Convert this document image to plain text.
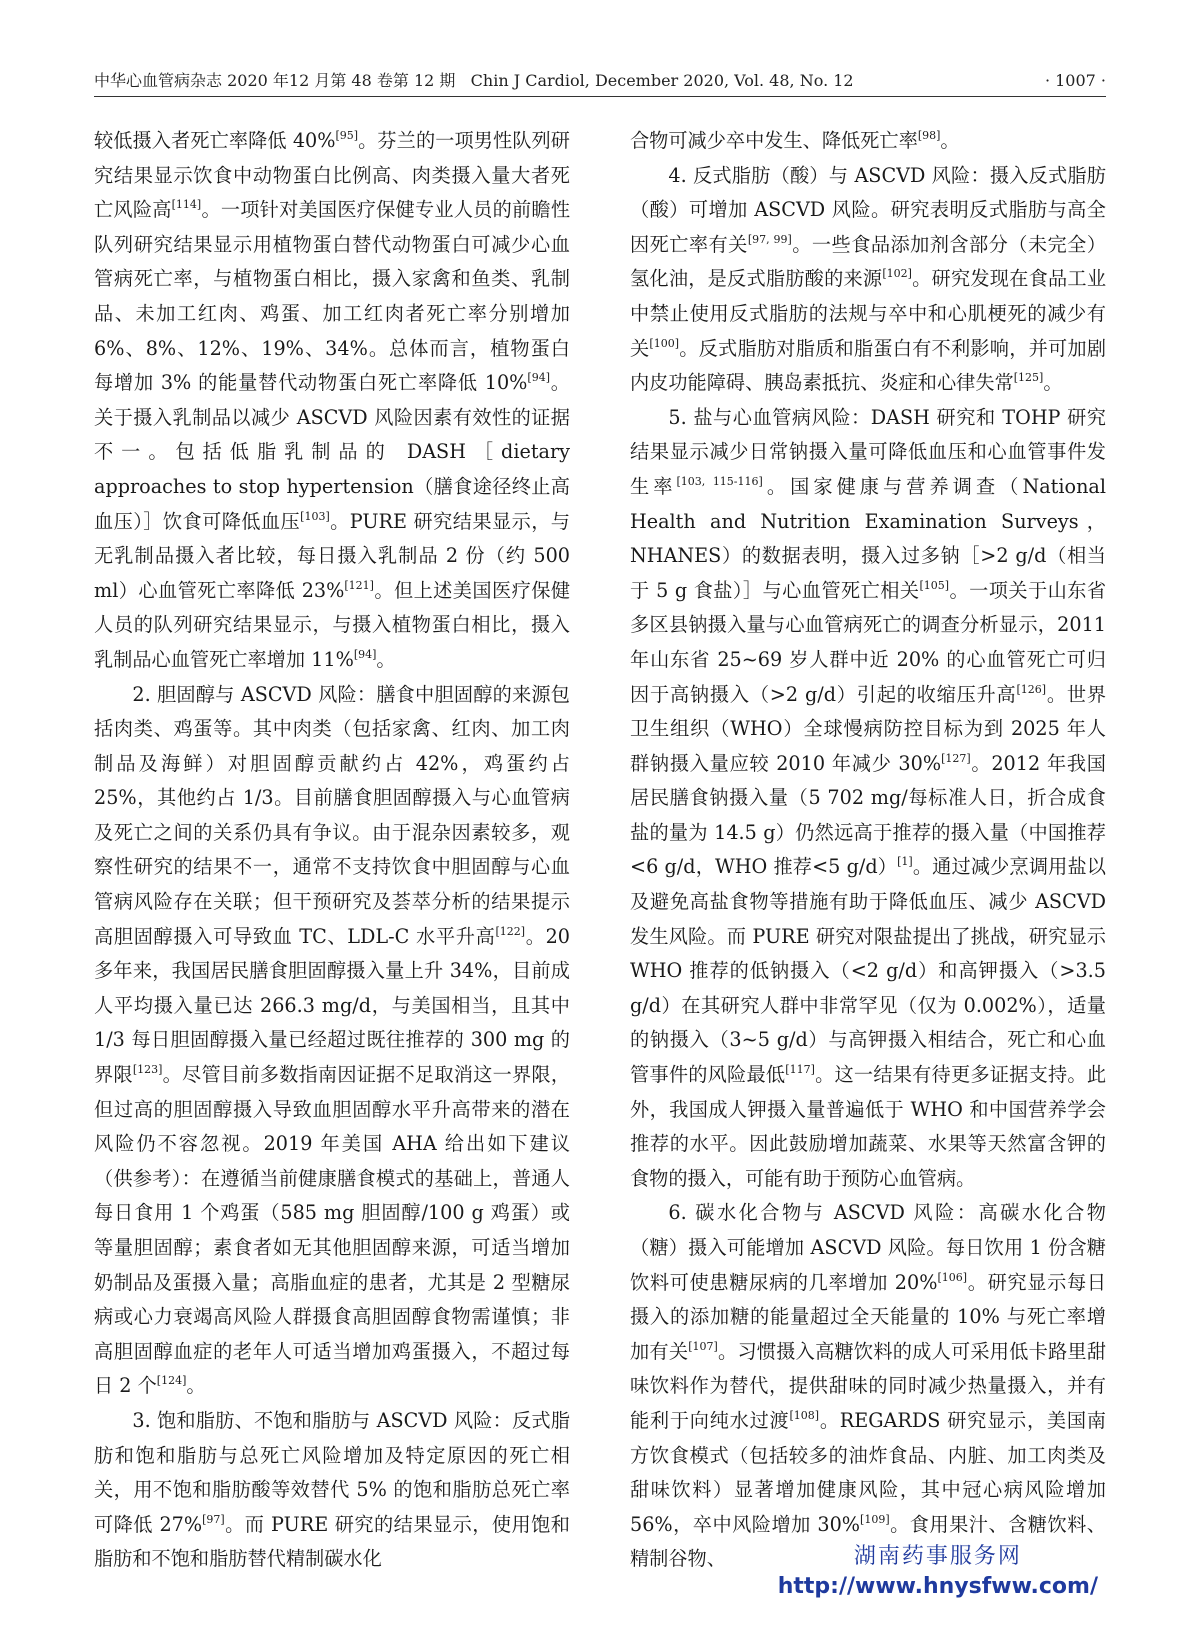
中华心血管病杂志 2020 年12 月第 48 卷第 12 期 Chin J Cardiol, December 2020, Vol. 48, No. 12	· 1007 ·

较低摄入者死亡率降低 40%[95]。芬兰的一项男性队列研究结果显示饮食中动物蛋白比例高、肉类摄入量大者死亡风险高[114]。一项针对美国医疗保健专业人员的前瞻性队列研究结果显示用植物蛋白替代动物蛋白可减少心血管病死亡率，与植物蛋白相比，摄入家禽和鱼类、乳制品、未加工红肉、鸡蛋、加工红肉者死亡率分别增加 6%、8%、12%、19%、34%。总体而言，植物蛋白每增加 3% 的能量替代动物蛋白死亡率降低 10%[94]。关于摄入乳制品以减少 ASCVD 风险因素有效性的证据不一。包括低脂乳制品的 DASH［dietary approaches to stop hypertension（膳食途径终止高血压）］饮食可降低血压[103]。PURE 研究结果显示，与无乳制品摄入者比较，每日摄入乳制品 2 份（约 500 ml）心血管死亡率降低 23%[121]。但上述美国医疗保健人员的队列研究结果显示，与摄入植物蛋白相比，摄入乳制品心血管死亡率增加 11%[94]。

2. 胆固醇与 ASCVD 风险：膳食中胆固醇的来源包括肉类、鸡蛋等。其中肉类（包括家禽、红肉、加工肉制品及海鲜）对胆固醇贡献约占 42%，鸡蛋约占 25%，其他约占 1/3。目前膳食胆固醇摄入与心血管病及死亡之间的关系仍具有争议。由于混杂因素较多，观察性研究的结果不一，通常不支持饮食中胆固醇与心血管病风险存在关联；但干预研究及荟萃分析的结果提示高胆固醇摄入可导致血 TC、LDL-C 水平升高[122]。20 多年来，我国居民膳食胆固醇摄入量上升 34%，目前成人平均摄入量已达 266.3 mg/d，与美国相当，且其中 1/3 每日胆固醇摄入量已经超过既往推荐的 300 mg 的界限[123]。尽管目前多数指南因证据不足取消这一界限，但过高的胆固醇摄入导致血胆固醇水平升高带来的潜在风险仍不容忽视。2019 年美国 AHA 给出如下建议（供参考）：在遵循当前健康膳食模式的基础上，普通人每日食用 1 个鸡蛋（585 mg 胆固醇/100 g 鸡蛋）或等量胆固醇；素食者如无其他胆固醇来源，可适当增加奶制品及蛋摄入量；高脂血症的患者，尤其是 2 型糖尿病或心力衰竭高风险人群摄食高胆固醇食物需谨慎；非高胆固醇血症的老年人可适当增加鸡蛋摄入，不超过每日 2 个[124]。

3. 饱和脂肪、不饱和脂肪与 ASCVD 风险：反式脂肪和饱和脂肪与总死亡风险增加及特定原因的死亡相关，用不饱和脂肪酸等效替代 5% 的饱和脂肪总死亡率可降低 27%[97]。而 PURE 研究的结果显示，使用饱和脂肪和不饱和脂肪替代精制碳水化

合物可减少卒中发生、降低死亡率[98]。

4. 反式脂肪（酸）与 ASCVD 风险：摄入反式脂肪（酸）可增加 ASCVD 风险。研究表明反式脂肪与高全因死亡率有关[97, 99]。一些食品添加剂含部分（未完全）氢化油，是反式脂肪酸的来源[102]。研究发现在食品工业中禁止使用反式脂肪的法规与卒中和心肌梗死的减少有关[100]。反式脂肪对脂质和脂蛋白有不利影响，并可加剧内皮功能障碍、胰岛素抵抗、炎症和心律失常[125]。

5. 盐与心血管病风险：DASH 研究和 TOHP 研究结果显示减少日常钠摄入量可降低血压和心血管事件发生率[103, 115-116]。国家健康与营养调查（National Health and Nutrition Examination Surveys，NHANES）的数据表明，摄入过多钠［>2 g/d（相当于 5 g 食盐）］与心血管死亡相关[105]。一项关于山东省多区县钠摄入量与心血管病死亡的调查分析显示，2011 年山东省 25~69 岁人群中近 20% 的心血管死亡可归因于高钠摄入（>2 g/d）引起的收缩压升高[126]。世界卫生组织（WHO）全球慢病防控目标为到 2025 年人群钠摄入量应较 2010 年减少 30%[127]。2012 年我国居民膳食钠摄入量（5 702 mg/每标准人日，折合成食盐的量为 14.5 g）仍然远高于推荐的摄入量（中国推荐<6 g/d，WHO 推荐<5 g/d）[1]。通过减少烹调用盐以及避免高盐食物等措施有助于降低血压、减少 ASCVD 发生风险。而 PURE 研究对限盐提出了挑战，研究显示 WHO 推荐的低钠摄入（<2 g/d）和高钾摄入（>3.5 g/d）在其研究人群中非常罕见（仅为 0.002%），适量的钠摄入（3~5 g/d）与高钾摄入相结合，死亡和心血管事件的风险最低[117]。这一结果有待更多证据支持。此外，我国成人钾摄入量普遍低于 WHO 和中国营养学会推荐的水平。因此鼓励增加蔬菜、水果等天然富含钾的食物的摄入，可能有助于预防心血管病。

6. 碳水化合物与 ASCVD 风险：高碳水化合物（糖）摄入可能增加 ASCVD 风险。每日饮用 1 份含糖饮料可使患糖尿病的几率增加 20%[106]。研究显示每日摄入的添加糖的能量超过全天能量的 10% 与死亡率增加有关[107]。习惯摄入高糖饮料的成人可采用低卡路里甜味饮料作为替代，提供甜味的同时减少热量摄入，并有能利于向纯水过渡[108]。REGARDS 研究显示，美国南方饮食模式（包括较多的油炸食品、内脏、加工肉类及甜味饮料）显著增加健康风险，其中冠心病风险增加 56%，卒中风险增加 30%[109]。食用果汁、含糖饮料、精制谷物、	湖南药事服务网
http://www.hnysfww.com/
